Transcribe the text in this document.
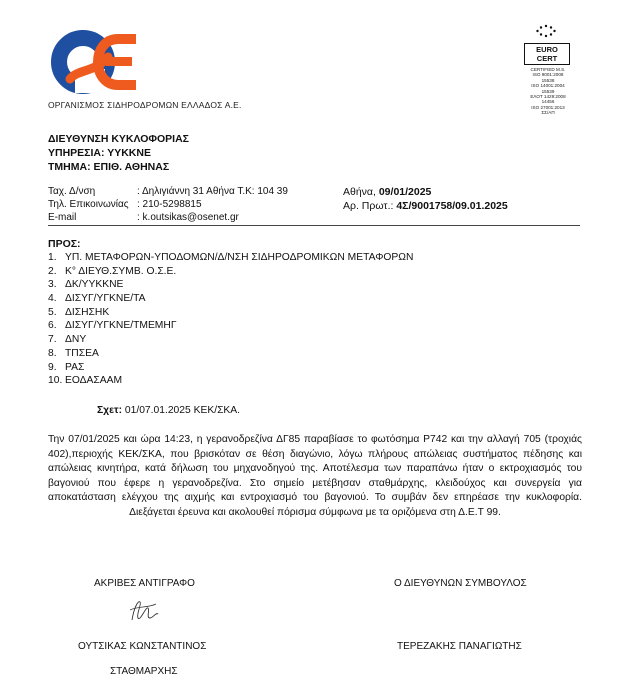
ΟΡΓΑΝΙΣΜΟΣ ΣΙΔΗΡΟΔΡΟΜΩΝ ΕΛΛΑΔΟΣ Α.Ε.
EURO
CERT
CERTIFIED M.S.
ISO 9001:2008
15538
ISO 14001:2004
15539
ΕΛΟΤ 1429:2008
14456
ISO 27001:2013
ΣΣ/ΑΠ
ΔΙΕΥΘΥΝΣΗ ΚΥΚΛΟΦΟΡΙΑΣ
ΥΠΗΡΕΣΙΑ: ΥΥΚΚΝΕ
ΤΜΗΜΑ: ΕΠΙΘ. ΑΘΗΝΑΣ
Ταχ. Δ/νση	: Δηλιγιάννη 31 Αθήνα Τ.Κ: 104 39
Τηλ. Επικοινωνίας : 210-5298815
E-mail	: k.outsikas@osenet.gr
Αθήνα, 09/01/2025
Αρ. Πρωτ.: 4Σ/9001758/09.01.2025
ΠΡΟΣ:
1. ΥΠ. ΜΕΤΑΦΟΡΩΝ-ΥΠΟΔΟΜΩΝ/Δ/ΝΣΗ ΣΙΔΗΡΟΔΡΟΜΙΚΩΝ ΜΕΤΑΦΟΡΩΝ
2. Κ° ΔΙΕΥΘ.ΣΥΜΒ. Ο.Σ.Ε.
3. ΔΚ/ΥΥΚΚΝΕ
4. ΔΙΣΥΓ/ΥΓΚΝΕ/ΤΑ
5. ΔΙΣΗΣΗΚ
6. ΔΙΣΥΓ/ΥΓΚΝΕ/ΤΜΕΜΗΓ
7. ΔΝΥ
8. ΤΠΣΕΑ
9. ΡΑΣ
10. ΕΟΔΑΣΑΑΜ
Σχετ: 01/07.01.2025 ΚΕΚ/ΣΚΑ.
Την 07/01/2025 και ώρα 14:23, η γερανοδρεζίνα ΔΓ85 παραβίασε το φωτόσημα Ρ742 και την αλλαγή 705 (τροχιάς 402),περιοχής ΚΕΚ/ΣΚΑ, που βρισκόταν σε θέση διαγώνιο, λόγω πλήρους απώλειας συστήματος πέδησης και απώλειας κινητήρα, κατά δήλωση του μηχανοδηγού της. Αποτέλεσμα των παραπάνω ήταν ο εκτροχιασμός του βαγονιού που έφερε η γερανοδρεζίνα. Στο σημείο μετέβησαν σταθμάρχης, κλειδούχος και συνεργεία για αποκατάσταση ελέγχου της αιχμής και εντροχιασμό του βαγονιού. Το συμβάν δεν επηρέασε την κυκλοφορία. Διεξάγεται έρευνα και ακολουθεί πόρισμα σύμφωνα με τα οριζόμενα στη Δ.Ε.Τ 99.
ΑΚΡΙΒΕΣ ΑΝΤΙΓΡΑΦΟ
ΟΥΤΣΙΚΑΣ ΚΩΝΣΤΑΝΤΙΝΟΣ
ΣΤΑΘΜΑΡΧΗΣ
Ο ΔΙΕΥΘΥΝΩΝ ΣΥΜΒΟΥΛΟΣ
ΤΕΡΕΖΑΚΗΣ ΠΑΝΑΓΙΩΤΗΣ
